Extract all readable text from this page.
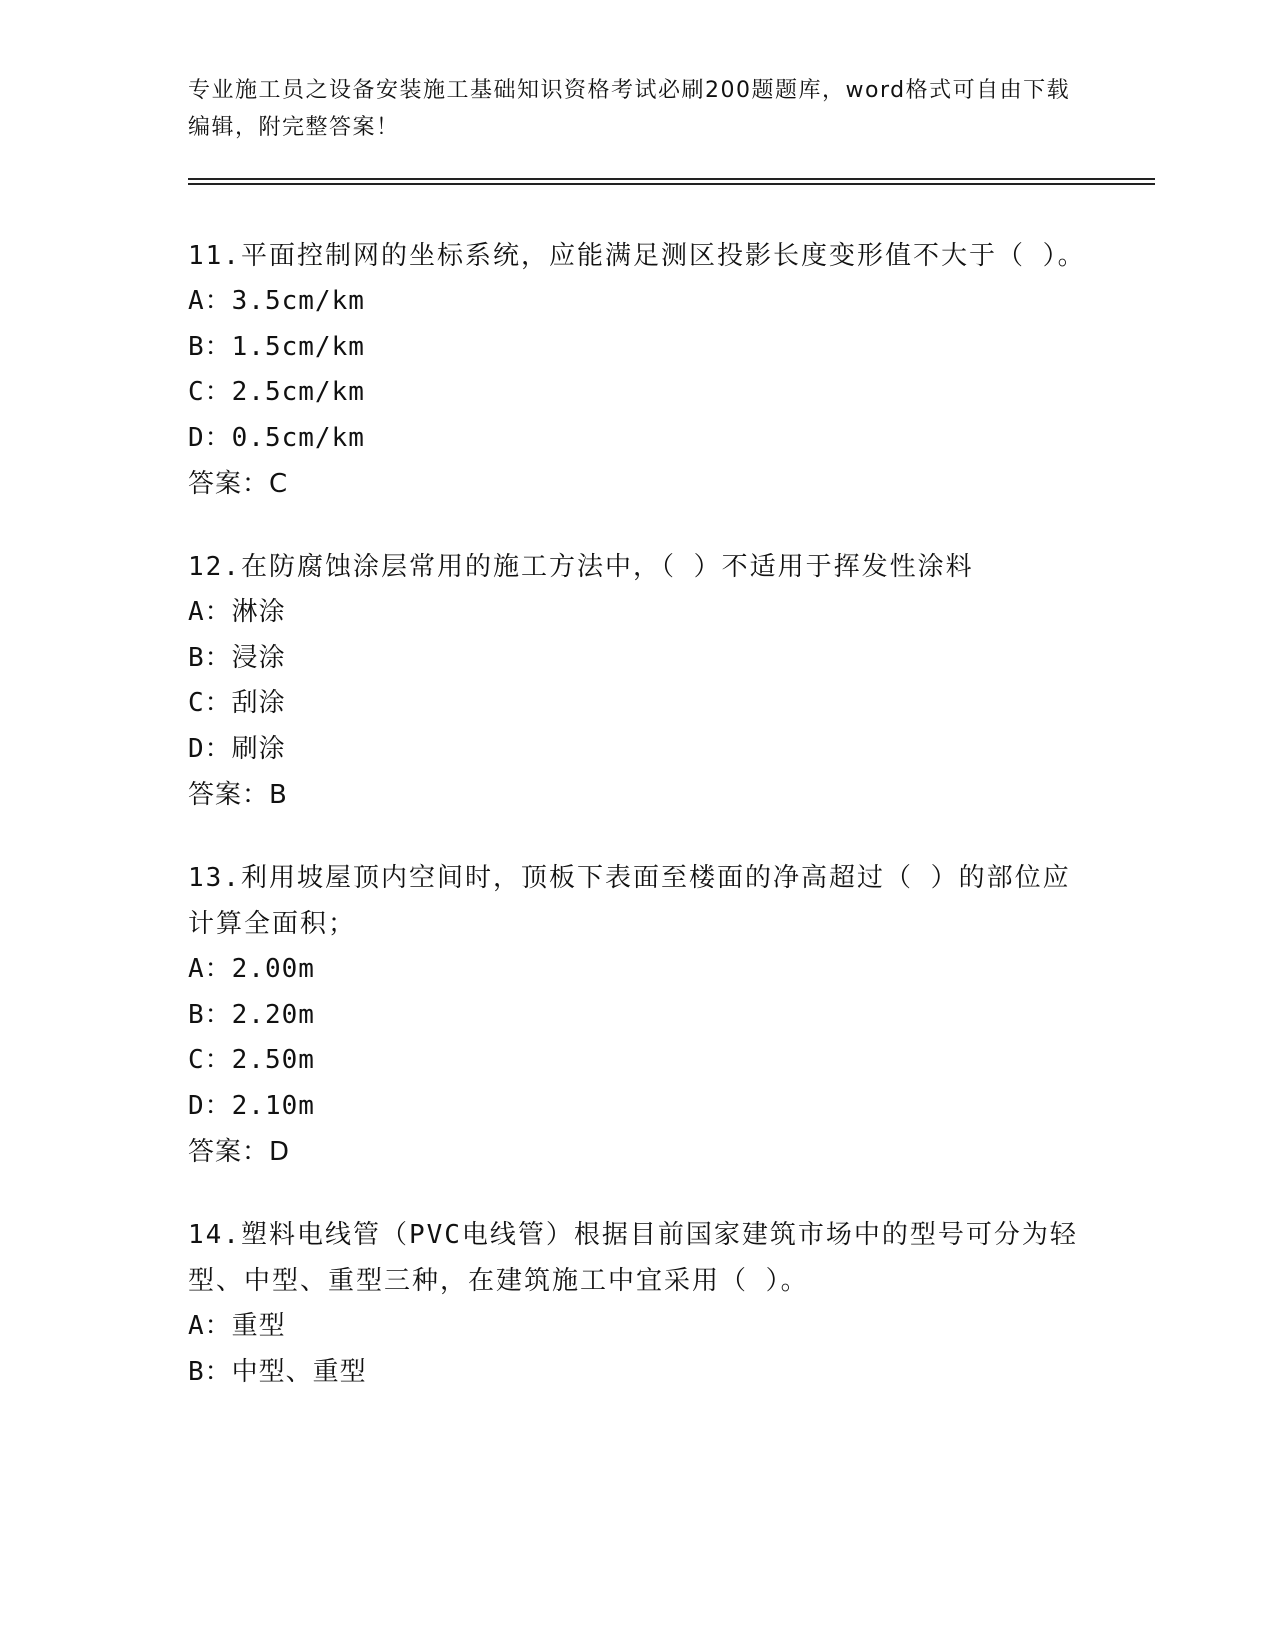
专业施工员之设备安装施工基础知识资格考试必刷200题题库，word格式可自由下载编辑，附完整答案！

11.平面控制网的坐标系统，应能满足测区投影长度变形值不大于（ ）。

A：3.5cm/km

B：1.5cm/km

C：2.5cm/km

D：0.5cm/km

答案：C

12.在防腐蚀涂层常用的施工方法中，（ ）不适用于挥发性涂料

A：淋涂

B：浸涂

C：刮涂

D：刷涂

答案：B

13.利用坡屋顶内空间时，顶板下表面至楼面的净高超过（ ）的部位应计算全面积；

A：2.00m

B：2.20m

C：2.50m

D：2.10m

答案：D

14.塑料电线管（PVC电线管）根据目前国家建筑市场中的型号可分为轻型、中型、重型三种，在建筑施工中宜采用（ ）。

A：重型

B：中型、重型
